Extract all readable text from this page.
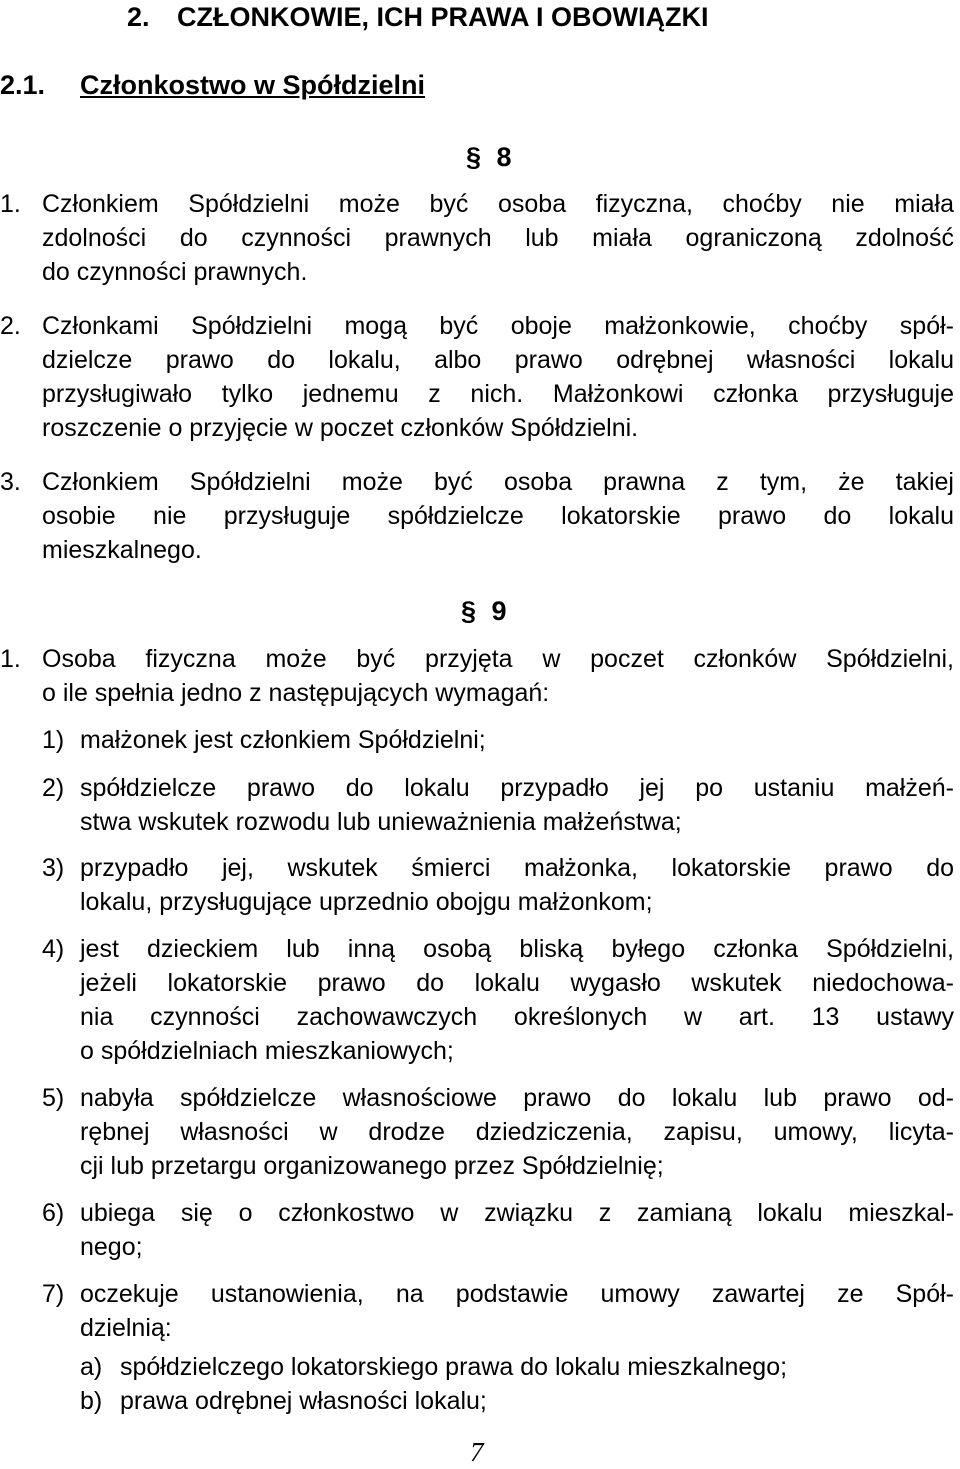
2. CZŁONKOWIE, ICH PRAWA I OBOWIĄZKI
2.1. Członkostwo w Spółdzielni
§ 8
1. Członkiem Spółdzielni może być osoba fizyczna, choćby nie miała
zdolności do czynności prawnych lub miała ograniczoną zdolność
do czynności prawnych.
2. Członkami Spółdzielni mogą być oboje małżonkowie, choćby spół-
dzielcze prawo do lokalu, albo prawo odrębnej własności lokalu
przysługiwało tylko jednemu z nich. Małżonkowi członka przysługuje
roszczenie o przyjęcie w poczet członków Spółdzielni.
3. Członkiem Spółdzielni może być osoba prawna z tym, że takiej
osobie nie przysługuje spółdzielcze lokatorskie prawo do lokalu
mieszkalnego.
§ 9
1. Osoba fizyczna może być przyjęta w poczet członków Spółdzielni,
o ile spełnia jedno z następujących wymagań:
1) małżonek jest członkiem Spółdzielni;
2) spółdzielcze prawo do lokalu przypadło jej po ustaniu małżeń-
stwa wskutek rozwodu lub unieważnienia małżeństwa;
3) przypadło jej, wskutek śmierci małżonka, lokatorskie prawo do
lokalu, przysługujące uprzednio obojgu małżonkom;
4) jest dzieckiem lub inną osobą bliską byłego członka Spółdzielni,
jeżeli lokatorskie prawo do lokalu wygasło wskutek niedochowa-
nia czynności zachowawczych określonych w art. 13 ustawy
o spółdzielniach mieszkaniowych;
5) nabyła spółdzielcze własnościowe prawo do lokalu lub prawo od-
rębnej własności w drodze dziedziczenia, zapisu, umowy, licyta-
cji lub przetargu organizowanego przez Spółdzielnię;
6) ubiega się o członkostwo w związku z zamianą lokalu mieszkal-
nego;
7) oczekuje ustanowienia, na podstawie umowy zawartej ze Spół-
dzielnią:
a) spółdzielczego lokatorskiego prawa do lokalu mieszkalnego;
b) prawa odrębnej własności lokalu;
7
